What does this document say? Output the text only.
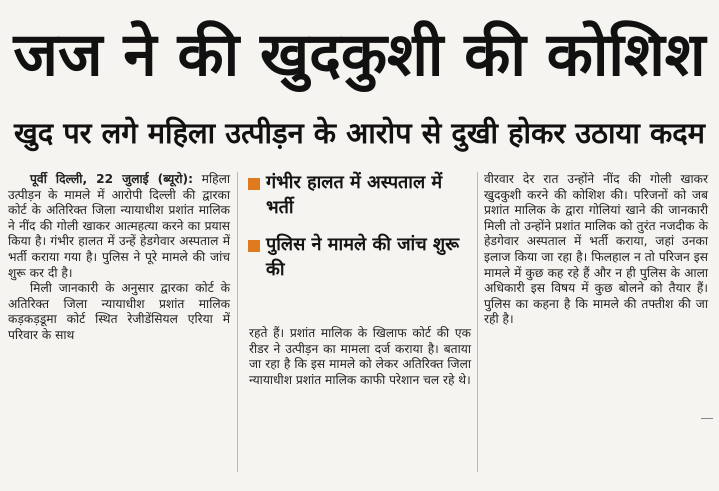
जज ने की खुदकुशी की कोशिश
खुद पर लगे महिला उत्पीड़न के आरोप से दुखी होकर उठाया कदम

पूर्वी दिल्ली, 22 जुलाई (ब्यूरो): महिला उत्पीड़न के मामले में आरोपी दिल्ली की द्वारका कोर्ट के अतिरिक्त जिला न्यायाधीश प्रशांत मालिक ने नींद की गोली खाकर आत्महत्या करने का प्रयास किया है। गंभीर हालत में उन्हें हेडगेवार अस्पताल में भर्ती कराया गया है। पुलिस ने पूरे मामले की जांच शुरू कर दी है।

मिली जानकारी के अनुसार द्वारका कोर्ट के अतिरिक्त जिला न्यायाधीश प्रशांत मालिक कड़कड़डूमा कोर्ट स्थित रेजीडेंसियल एरिया में परिवार के साथ

गंभीर हालत में अस्पताल में भर्ती
पुलिस ने मामले की जांच शुरू की

रहते हैं। प्रशांत मालिक के खिलाफ कोर्ट की एक रीडर ने उत्पीड़न का मामला दर्ज कराया है। बताया जा रहा है कि इस मामले को लेकर अतिरिक्त जिला न्यायाधीश प्रशांत मालिक काफी परेशान चल रहे थे।

वीरवार देर रात उन्होंने नींद की गोली खाकर खुदकुशी करने की कोशिश की। परिजनों को जब प्रशांत मालिक के द्वारा गोलियां खाने की जानकारी मिली तो उन्होंने प्रशांत मालिक को तुरंत नजदीक के हेडगेवार अस्पताल में भर्ती कराया, जहां उनका इलाज किया जा रहा है। फिलहाल न तो परिजन इस मामले में कुछ कह रहे हैं और न ही पुलिस के आला अधिकारी इस विषय में कुछ बोलने को तैयार हैं। पुलिस का कहना है कि मामले की तफ्तीश की जा रही है।
